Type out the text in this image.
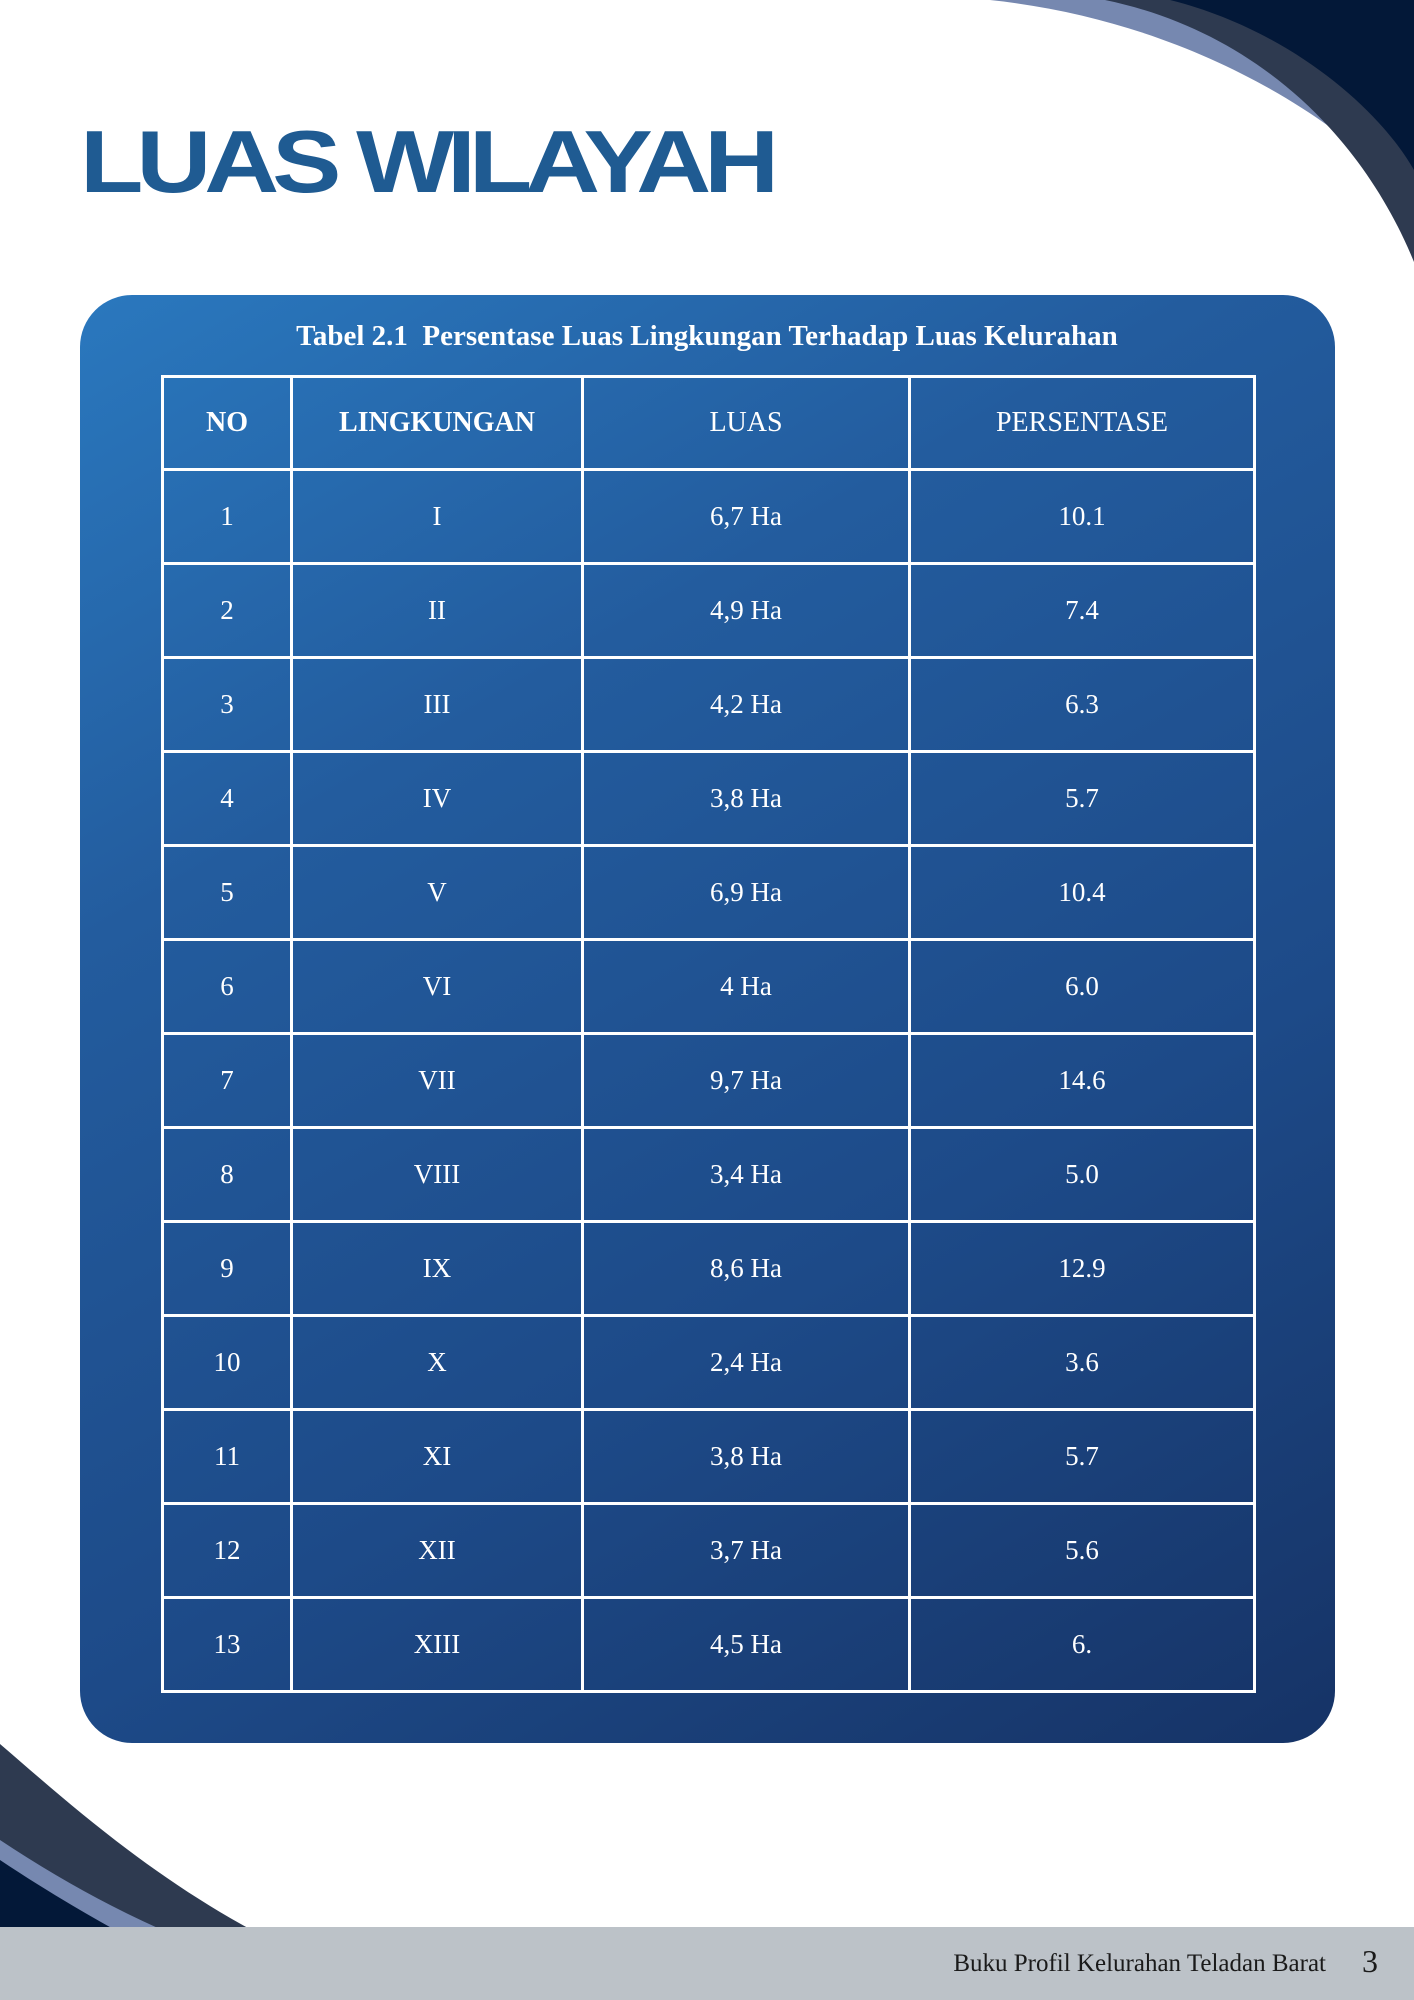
LUAS WILAYAH
Tabel 2.1  Persentase Luas Lingkungan Terhadap Luas Kelurahan
NO	LINGKUNGAN	LUAS	PERSENTASE
1	I	6,7 Ha	10.1
2	II	4,9 Ha	7.4
3	III	4,2 Ha	6.3
4	IV	3,8 Ha	5.7
5	V	6,9 Ha	10.4
6	VI	4 Ha	6.0
7	VII	9,7 Ha	14.6
8	VIII	3,4 Ha	5.0
9	IX	8,6 Ha	12.9
10	X	2,4 Ha	3.6
11	XI	3,8 Ha	5.7
12	XII	3,7 Ha	5.6
13	XIII	4,5 Ha	6.
Buku Profil Kelurahan Teladan Barat 3
